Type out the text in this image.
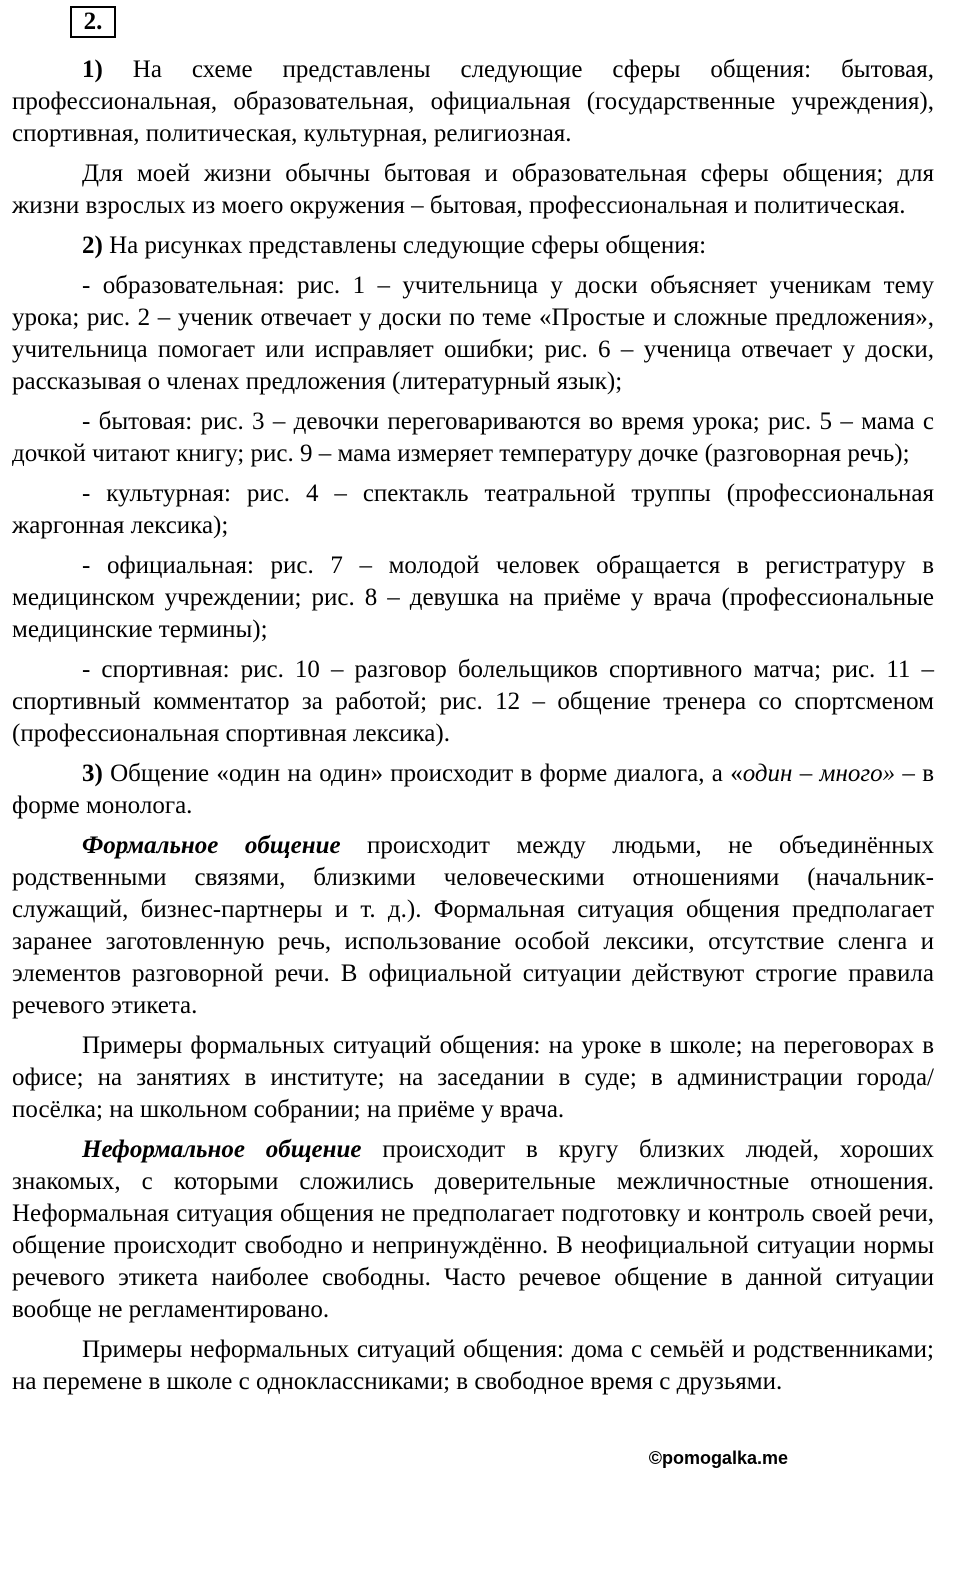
2.

1) На схеме представлены следующие сферы общения: бытовая, профессиональная, образовательная, официальная (государственные учреждения), спортивная, политическая, культурная, религиозная.

Для моей жизни обычны бытовая и образовательная сферы общения; для жизни взрослых из моего окружения – бытовая, профессиональная и политическая.

2) На рисунках представлены следующие сферы общения:

- образовательная: рис. 1 – учительница у доски объясняет ученикам тему урока; рис. 2 – ученик отвечает у доски по теме «Простые и сложные предложения», учительница помогает или исправляет ошибки; рис. 6 – ученица отвечает у доски, рассказывая о членах предложения (литературный язык);

- бытовая: рис. 3 – девочки переговариваются во время урока; рис. 5 – мама с дочкой читают книгу; рис. 9 – мама измеряет температуру дочке (разговорная речь);

- культурная: рис. 4 – спектакль театральной труппы (профессиональная жаргонная лексика);

- официальная: рис. 7 – молодой человек обращается в регистратуру в медицинском учреждении; рис. 8 – девушка на приёме у врача (профессиональные медицинские термины);

- спортивная: рис. 10 – разговор болельщиков спортивного матча; рис. 11 – спортивный комментатор за работой; рис. 12 – общение тренера со спортсменом (профессиональная спортивная лексика).

3) Общение «один на один» происходит в форме диалога, а «один – много» – в форме монолога.

Формальное общение происходит между людьми, не объединённых родственными связями, близкими человеческими отношениями (начальник-служащий, бизнес-партнеры и т. д.). Формальная ситуация общения предполагает заранее заготовленную речь, использование особой лексики, отсутствие сленга и элементов разговорной речи. В официальной ситуации действуют строгие правила речевого этикета.

Примеры формальных ситуаций общения: на уроке в школе; на переговорах в офисе; на занятиях в институте; на заседании в суде; в администрации города/посёлка; на школьном собрании; на приёме у врача.

Неформальное общение происходит в кругу близких людей, хороших знакомых, с которыми сложились доверительные межличностные отношения. Неформальная ситуация общения не предполагает подготовку и контроль своей речи, общение происходит свободно и непринуждённо. В неофициальной ситуации нормы речевого этикета наиболее свободны. Часто речевое общение в данной ситуации вообще не регламентировано.

Примеры неформальных ситуаций общения: дома с семьёй и родственниками; на перемене в школе с одноклассниками; в свободное время с друзьями.

©pomogalka.me
